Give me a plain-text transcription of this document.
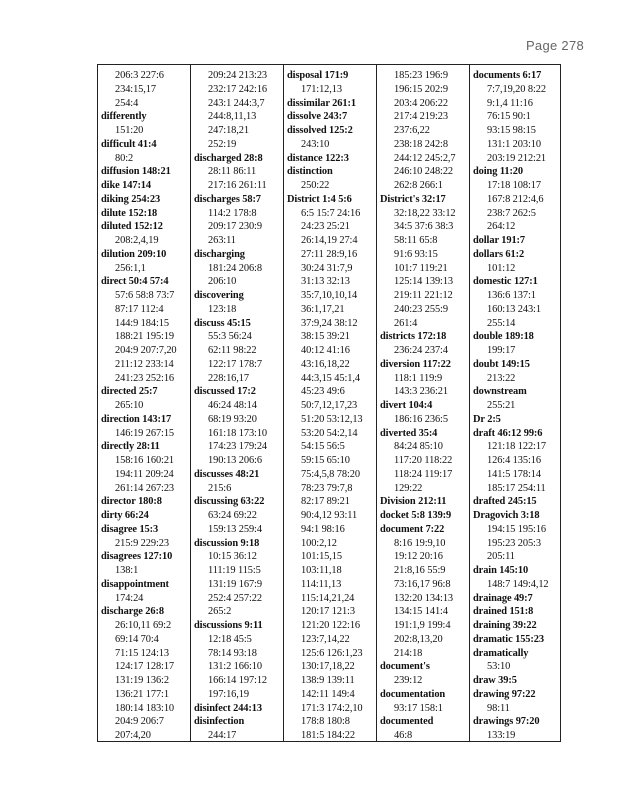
Page 278
206:3 227:6
234:15,17
254:4
differently
151:20
difficult 41:4
80:2
diffusion 148:21
dike 147:14
diking 254:23
dilute 152:18
diluted 152:12
208:2,4,19
dilution 209:10
256:1,1
direct 50:4 57:4
57:6 58:8 73:7
87:17 112:4
144:9 184:15
188:21 195:19
204:9 207:7,20
211:12 233:14
241:23 252:16
directed 25:7
265:10
direction 143:17
146:19 267:15
directly 28:11
158:16 160:21
194:11 209:24
261:14 267:23
director 180:8
dirty 66:24
disagree 15:3
215:9 229:23
disagrees 127:10
138:1
disappointment
174:24
discharge 26:8
26:10,11 69:2
69:14 70:4
71:15 124:13
124:17 128:17
131:19 136:2
136:21 177:1
180:14 183:10
204:9 206:7
207:4,20
209:24 213:23
232:17 242:16
243:1 244:3,7
244:8,11,13
247:18,21
252:19
discharged 28:8
28:11 86:11
217:16 261:11
discharges 58:7
114:2 178:8
209:17 230:9
263:11
discharging
181:24 206:8
206:10
discovering
123:18
discuss 45:15
55:3 56:24
62:11 98:22
122:17 178:7
228:16,17
discussed 17:2
46:24 48:14
68:19 93:20
161:18 173:10
174:23 179:24
190:13 206:6
discusses 48:21
215:6
discussing 63:22
63:24 69:22
159:13 259:4
discussion 9:18
10:15 36:12
111:19 115:5
131:19 167:9
252:4 257:22
265:2
discussions 9:11
12:18 45:5
78:14 93:18
131:2 166:10
166:14 197:12
197:16,19
disinfect 244:13
disinfection
244:17
disposal 171:9
171:12,13
dissimilar 261:1
dissolve 243:7
dissolved 125:2
243:10
distance 122:3
distinction
250:22
District 1:4 5:6
6:5 15:7 24:16
24:23 25:21
26:14,19 27:4
27:11 28:9,16
30:24 31:7,9
31:13 32:13
35:7,10,10,14
36:1,17,21
37:9,24 38:12
38:15 39:21
40:12 41:16
43:16,18,22
44:3,15 45:1,4
45:23 49:6
50:7,12,17,23
51:20 53:12,13
53:20 54:2,14
54:15 56:5
59:15 65:10
75:4,5,8 78:20
78:23 79:7,8
82:17 89:21
90:4,12 93:11
94:1 98:16
100:2,12
101:15,15
103:11,18
114:11,13
115:14,21,24
120:17 121:3
121:20 122:16
123:7,14,22
125:6 126:1,23
130:17,18,22
138:9 139:11
142:11 149:4
171:3 174:2,10
178:8 180:8
181:5 184:22
185:23 196:9
196:15 202:9
203:4 206:22
217:4 219:23
237:6,22
238:18 242:8
244:12 245:2,7
246:10 248:22
262:8 266:1
District's 32:17
32:18,22 33:12
34:5 37:6 38:3
58:11 65:8
91:6 93:15
101:7 119:21
125:14 139:13
219:11 221:12
240:23 255:9
261:4
districts 172:18
236:24 237:4
diversion 117:22
118:1 119:9
143:3 236:21
divert 104:4
186:16 236:5
diverted 35:4
84:24 85:10
117:20 118:22
118:24 119:17
129:22
Division 212:11
docket 5:8 139:9
document 7:22
8:16 19:9,10
19:12 20:16
21:8,16 55:9
73:16,17 96:8
132:20 134:13
134:15 141:4
191:1,9 199:4
202:8,13,20
214:18
document's
239:12
documentation
93:17 158:1
documented
46:8
documents 6:17
7:7,19,20 8:22
9:1,4 11:16
76:15 90:1
93:15 98:15
131:1 203:10
203:19 212:21
doing 11:20
17:18 108:17
167:8 212:4,6
238:7 262:5
264:12
dollar 191:7
dollars 61:2
101:12
domestic 127:1
136:6 137:1
160:13 243:1
255:14
double 189:18
199:17
doubt 149:15
213:22
downstream
255:21
Dr 2:5
draft 46:12 99:6
121:18 122:17
126:4 135:16
141:5 178:14
185:17 254:11
drafted 245:15
Dragovich 3:18
194:15 195:16
195:23 205:3
205:11
drain 145:10
148:7 149:4,12
drainage 49:7
drained 151:8
draining 39:22
dramatic 155:23
dramatically
53:10
draw 39:5
drawing 97:22
98:11
drawings 97:20
133:19
